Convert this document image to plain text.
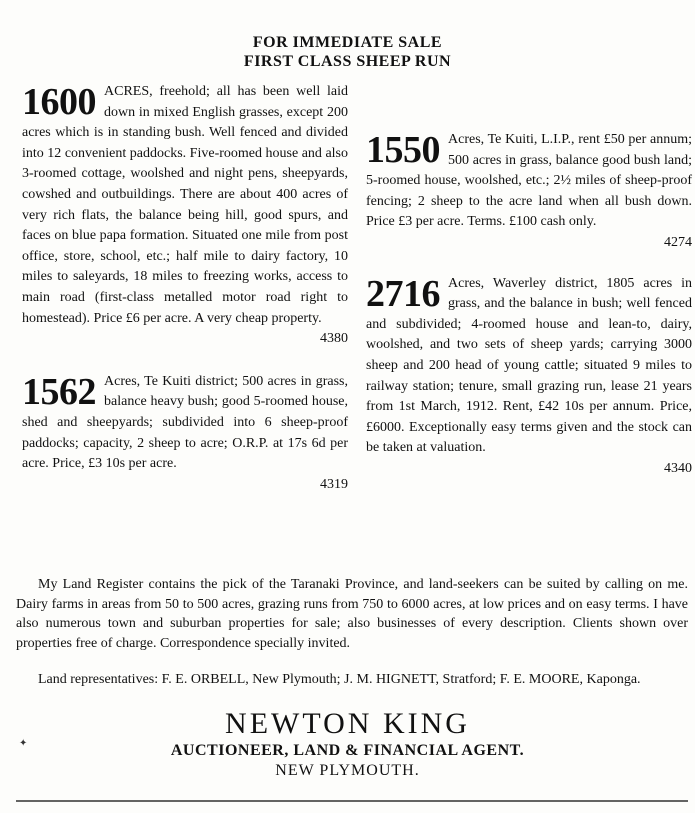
FOR IMMEDIATE SALE
FIRST CLASS SHEEP RUN
1600 ACRES, freehold; all has been well laid down in mixed English grasses, except 200 acres which is in standing bush. Well fenced and divided into 12 convenient paddocks. Five-roomed house and also 3-roomed cottage, woolshed and night pens, sheepyards, cowshed and outbuildings. There are about 400 acres of very rich flats, the balance being hill, good spurs, and faces on blue papa formation. Situated one mile from post office, store, school, etc.; half mile to dairy factory, 10 miles to saleyards, 18 miles to freezing works, access to main road (first-class metalled motor road right to homestead). Price £6 per acre. A very cheap property.
4380
1562 Acres, Te Kuiti district; 500 acres in grass, balance heavy bush; good 5-roomed house, shed and sheepyards; subdivided into 6 sheep-proof paddocks; capacity, 2 sheep to acre; O.R.P. at 17s 6d per acre. Price, £3 10s per acre.
4319
1550 Acres, Te Kuiti, L.I.P., rent £50 per annum; 500 acres in grass, balance good bush land; 5-roomed house, woolshed, etc.; 2½ miles of sheep-proof fencing; 2 sheep to the acre land when all bush down. Price £3 per acre. Terms. £100 cash only.
4274
2716 Acres, Waverley district, 1805 acres in grass, and the balance in bush; well fenced and subdivided; 4-roomed house and lean-to, dairy, woolshed, and two sets of sheep yards; carrying 3000 sheep and 200 head of young cattle; situated 9 miles to railway station; tenure, small grazing run, lease 21 years from 1st March, 1912. Rent, £42 10s per annum. Price, £6000. Exceptionally easy terms given and the stock can be taken at valuation.
4340
My Land Register contains the pick of the Taranaki Province, and land-seekers can be suited by calling on me. Dairy farms in areas from 50 to 500 acres, grazing runs from 750 to 6000 acres, at low prices and on easy terms. I have also numerous town and suburban properties for sale; also businesses of every description. Clients shown over properties free of charge. Correspondence specially invited.
Land representatives: F. E. ORBELL, New Plymouth; J. M. HIGNETT, Stratford; F. E. MOORE, Kaponga.
NEWTON KING
AUCTIONEER, LAND & FINANCIAL AGENT.
NEW PLYMOUTH.
✦
